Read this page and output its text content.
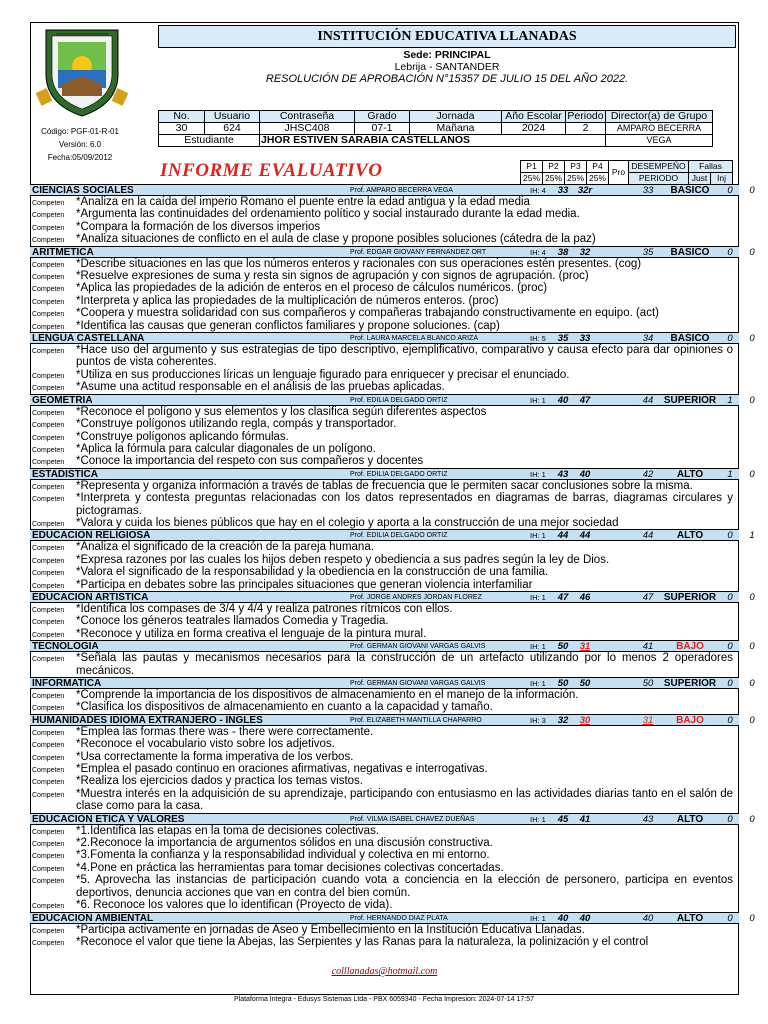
Código: PGF-01-R-01
Versión: 6.0
Fecha:05/09/2012
INSTITUCIÓN EDUCATIVA LLANADAS
Sede: PRINCIPAL
Lebrija - SANTANDER
RESOLUCIÓN DE APROBACIÓN N°15357 DE JULIO 15 DEL AÑO 2022.
No.	Usuario	Contraseña	Grado	Jornada	Año Escolar	Periodo	Director(a) de Grupo
30	624	JHSC408	07-1	Mañana	2024	2	AMPARO BECERRA
Estudiante		JHOR ESTIVEN SARABIA CASTELLANOS					VEGA
INFORME EVALUATIVO	P1	P2	P3	P4	Pro	DESEMPEÑO	Fallas	
25%	25%	25%	25%		PERIODO	Just	Inj
CIENCIAS SOCIALES	Prof. AMPARO BECERRA VEGA	IH: 4	33	32r	33	BASICO	0	0
Competen *Analiza en la caída del imperio Romano el puente entre la edad antigua y la edad media
Competen *Argumenta las continuidades del ordenamiento político y social instaurado durante la edad media.
Competen *Compara la formación de los diversos imperios
Competen *Analiza situaciones de conflicto en el aula de clase y propone posibles soluciones (cátedra de la paz)
ARITMETICA	Prof. EDGAR GIOVANY FERNANDEZ ORT	IH: 4	38	32	35	BASICO	0	0
Competen *Describe situaciones en las que los números enteros y racionales con sus operaciones estén presentes. (cog)
Competen *Resuelve expresiones de suma y resta sin signos de agrupación y con signos de agrupación. (proc)
Competen *Aplica las propiedades de la adición de enteros en el proceso de cálculos numéricos. (proc)
Competen *Interpreta y aplica las propiedades de la multiplicación de números enteros. (proc)
Competen *Coopera y muestra solidaridad con sus compañeros y compañeras trabajando constructivamente en equipo. (act)
Competen *Identifica las causas que generan conflictos familiares y propone soluciones. (cap)
LENGUA CASTELLANA	Prof. LAURA MARCELA BLANCO ARIZA	IH: 5	35	33	34	BASICO	0	0
Competen *Hace uso del argumento y sus estrategias de tipo descriptivo, ejemplificativo, comparativo y causa efecto para dar opiniones o puntos de vista coherentes.
Competen *Utiliza en sus producciones líricas un lenguaje figurado para enriquecer y precisar el enunciado.
Competen *Asume una actitud responsable en el análisis de las pruebas aplicadas.
GEOMETRIA	Prof. EDILIA DELGADO ORTIZ	IH: 1	40	47	44	SUPERIOR	1	0
Competen *Reconoce el polígono y sus elementos y los clasifica según diferentes aspectos
Competen *Construye polígonos utilizando regla, compás y transportador.
Competen *Construye polígonos aplicando fórmulas.
Competen *Aplica la fórmula para calcular diagonales de un polígono.
Competen *Conoce la importancia del respeto con sus compañeros y docentes
ESTADISTICA	Prof. EDILIA DELGADO ORTIZ	IH: 1	43	40	42	ALTO	1	0
Competen *Representa y organiza información a través de tablas de frecuencia que le permiten sacar conclusiones sobre la misma.
Competen *Interpreta y contesta preguntas relacionadas con los datos representados en diagramas de barras, diagramas circulares y pictogramas.
Competen *Valora y cuida los bienes públicos que hay en el colegio y aporta a la construcción de una mejor sociedad
EDUCACION RELIGIOSA	Prof. EDILIA DELGADO ORTIZ	IH: 1	44	44	44	ALTO	0	1
Competen *Analiza el significado de la creación de la pareja humana.
Competen *Expresa razones por las cuales los hijos deben respeto y obediencia a sus padres según la ley de Dios.
Competen *Valora el significado de la responsabilidad y la obediencia en la construcción de una familia.
Competen *Participa en debates sobre las principales situaciones que generan violencia interfamiliar
EDUCACION ARTISTICA	Prof. JORGE ANDRES JORDAN FLOREZ	IH: 1	47	46	47	SUPERIOR	0	0
Competen *Identifica los compases de 3/4 y 4/4 y realiza patrones rítmicos con ellos.
Competen *Conoce los géneros teatrales llamados Comedia y Tragedia.
Competen *Reconoce y utiliza en forma creativa el lenguaje de la pintura mural.
TECNOLOGIA	Prof. GERMAN GIOVANI VARGAS GALVIS	IH: 1	50	31	41	BAJO	0	0
Competen *Señala las pautas y mecanismos necesarios para la construcción de un artefacto utilizando por lo menos 2 operadores mecánicos.
INFORMATICA	Prof. GERMAN GIOVANI VARGAS GALVIS	IH: 1	50	50	50	SUPERIOR	0	0
Competen *Comprende la importancia de los dispositivos de almacenamiento en el manejo de la información.
Competen *Clasifica los dispositivos de almacenamiento en cuanto a la capacidad y tamaño.
HUMANIDADES IDIOMA EXTRANJERO - INGLES	Prof. ELIZABETH MANTILLA CHAPARRO	IH: 3	32	30	31	BAJO	0	0
Competen *Emplea las formas there was - there were correctamente.
Competen *Reconoce el vocabulario visto sobre los adjetivos.
Competen *Usa correctamente la forma imperativa de los verbos.
Competen *Emplea el pasado continuo en oraciones afirmativas, negativas e interrogativas.
Competen *Realiza los ejercicios dados y practica los temas vistos.
Competen *Muestra interés en la adquisición de su aprendizaje, participando con entusiasmo en las actividades diarias tanto en el salón de clase como para la casa.
EDUCACION ETICA Y VALORES	Prof. VILMA ISABEL CHAVEZ DUEÑAS	IH: 1	45	41	43	ALTO	0	0
Competen *1.Identifica las etapas en la toma de decisiones colectivas.
Competen *2.Reconoce la importancia de argumentos sólidos en una discusión constructiva.
Competen *3.Fomenta la confianza y la responsabilidad individual y colectiva en mi entorno.
Competen *4.Pone en práctica las herramientas para tomar decisiones colectivas concertadas.
Competen *5. Aprovecha las instancias de participación cuando vota a conciencia en la elección de personero, participa en eventos deportivos, denuncia acciones que van en contra del bien común.
Competen *6. Reconoce los valores que lo identifican (Proyecto de vida).
EDUCACION AMBIENTAL	Prof. HERNANDO DIAZ PLATA	IH: 1	40	40	40	ALTO	0	0
Competen *Participa activamente en jornadas de Aseo y Embellecimiento en la Institución Educativa Llanadas.
Competen *Reconoce el valor que tiene la Abejas, las Serpientes y las Ranas para la naturaleza, la polinización y el control
colllanadas@hotmail.com
Plataforma Integra - Edusys Sistemas Ltda - PBX 6059340 - Fecha Impresion: 2024-07-14 17:57
